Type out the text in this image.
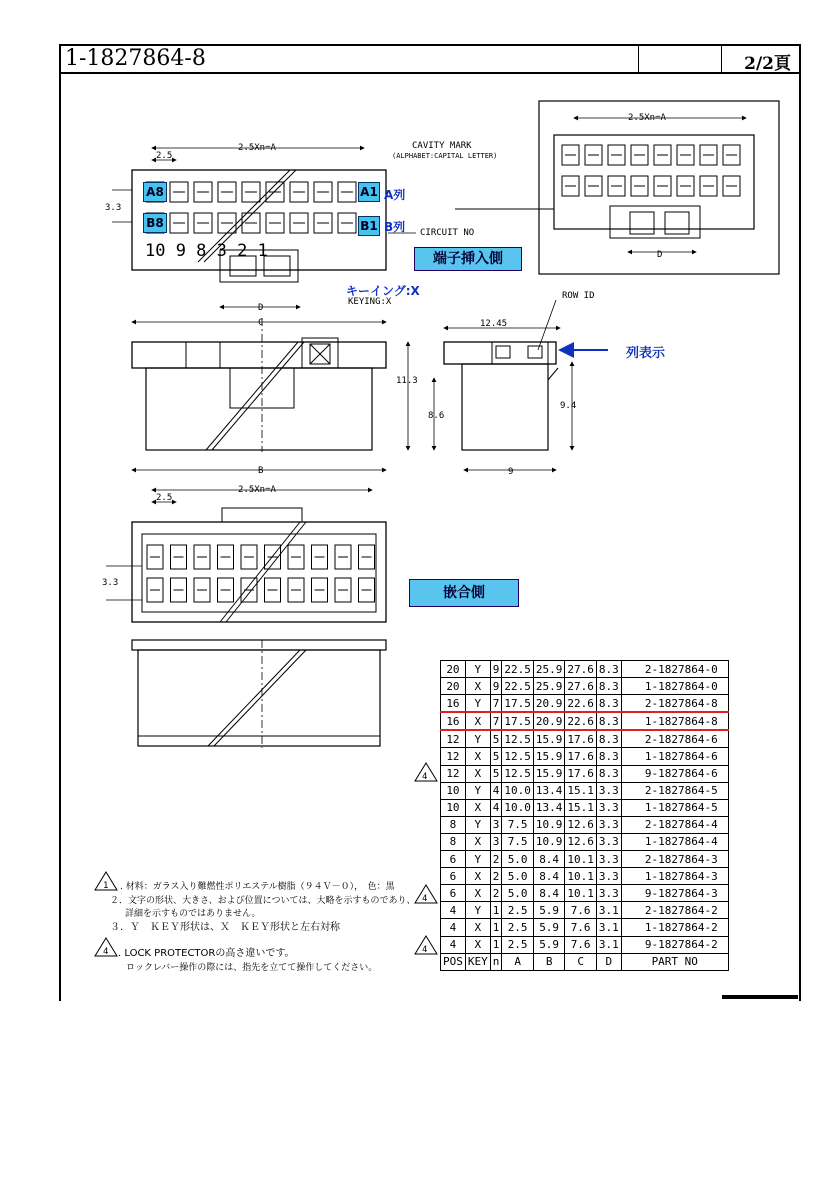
1-1827864-8	2/2頁
2.5Xn=A
D
2.5Xn=A
2.5
3.3
CAVITY MARK
(ALPHABET:CAPITAL LETTER)
CIRCUIT NO
10 9 8 3 2 1
C
D
B
KEYING:X
12.45
11.3
8.6
9.4
9
ROW ID
2.5Xn=A
2.5
3.3
4
4
4
1
4
端子挿入側
嵌合側
A8
B8
A1
B1
A列
B列
キーイング:X
列表示
20	Y	9	22.5	25.9	27.6	8.3	2-1827864-0
20	X	9	22.5	25.9	27.6	8.3	1-1827864-0
16	Y	7	17.5	20.9	22.6	8.3	2-1827864-8
16	X	7	17.5	20.9	22.6	8.3	1-1827864-8
12	Y	5	12.5	15.9	17.6	8.3	2-1827864-6
12	X	5	12.5	15.9	17.6	8.3	1-1827864-6
12	X	5	12.5	15.9	17.6	8.3	9-1827864-6
10	Y	4	10.0	13.4	15.1	3.3	2-1827864-5
10	X	4	10.0	13.4	15.1	3.3	1-1827864-5
8	Y	3	7.5	10.9	12.6	3.3	2-1827864-4
8	X	3	7.5	10.9	12.6	3.3	1-1827864-4
6	Y	2	5.0	8.4	10.1	3.3	2-1827864-3
6	X	2	5.0	8.4	10.1	3.3	1-1827864-3
6	X	2	5.0	8.4	10.1	3.3	9-1827864-3
4	Y	1	2.5	5.9	7.6	3.1	2-1827864-2
4	X	1	2.5	5.9	7.6	3.1	1-1827864-2
4	X	1	2.5	5.9	7.6	3.1	9-1827864-2
POS	KEY	n	A	B	C	D	PART NO
. 材料：ガラス入り難燃性ポリエステル樹脂（９４Ｖ－０），　色：黒
２．文字の形状、大きさ、および位置については、大略を示すものであり、
詳細を示すものではありません。
３．Ｙ　ＫＥＹ形状は、Ｘ　ＫＥＹ形状と左右対称
. LOCK PROTECTORの高さ違いです。
ロックレバー操作の際には、指先を立てて操作してください。
